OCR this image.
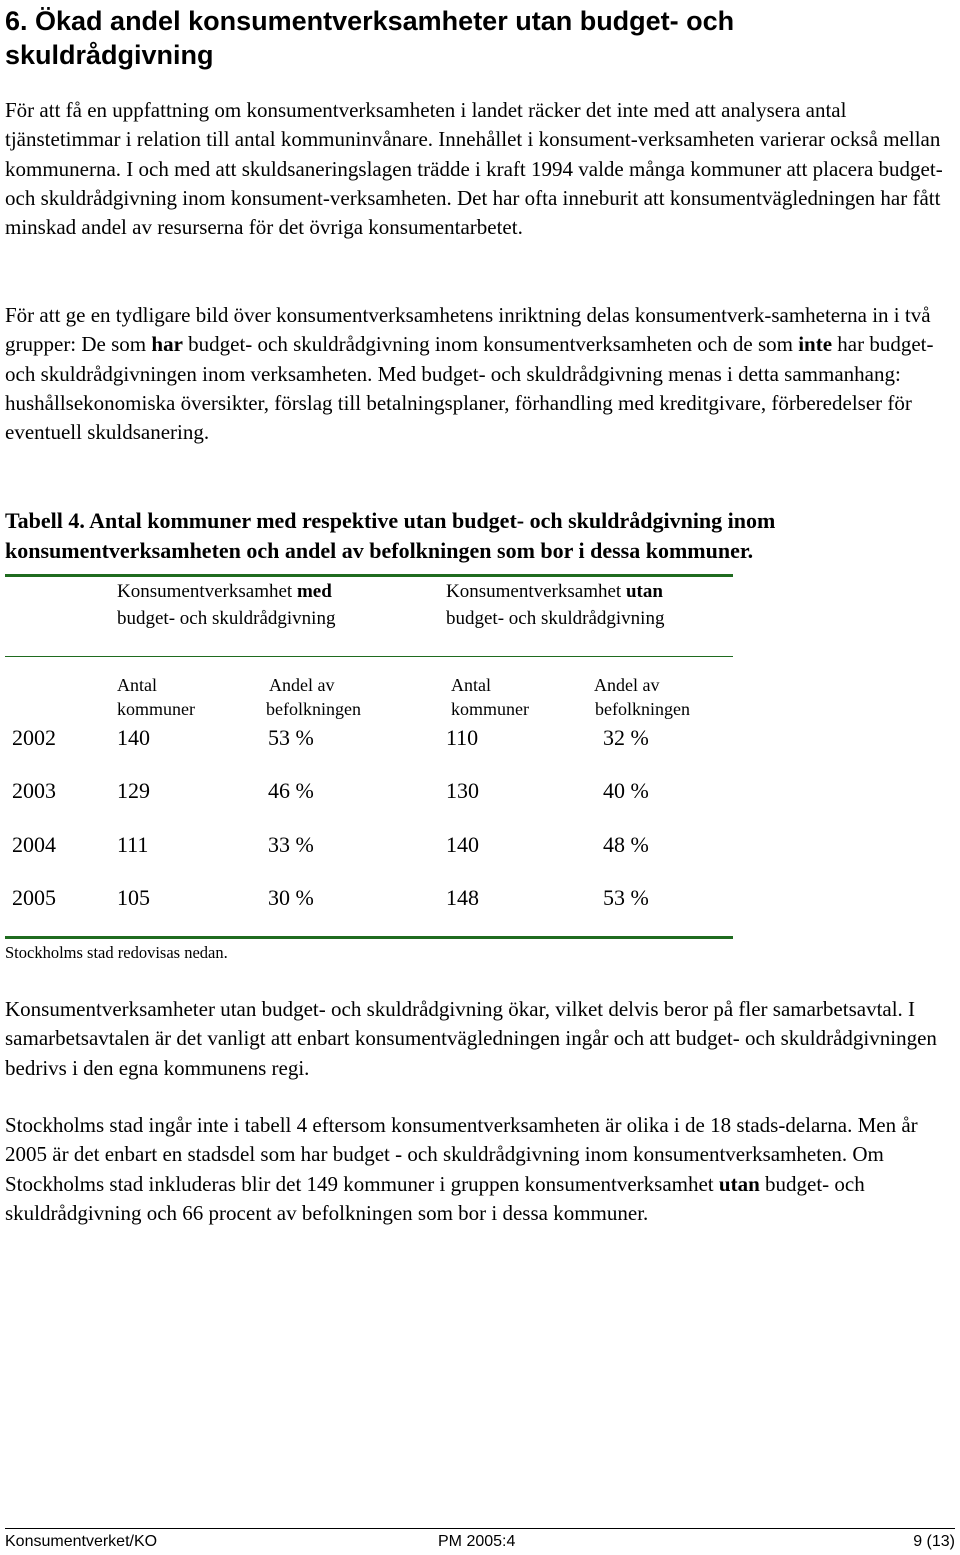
6. Ökad andel konsumentverksamheter utan budget- och skuldrådgivning

För att få en uppfattning om konsumentverksamheten i landet räcker det inte med att analysera antal tjänstetimmar i relation till antal kommuninvånare. Innehållet i konsument-verksamheten varierar också mellan kommunerna. I och med att skuldsaneringslagen trädde i kraft 1994 valde många kommuner att placera budget- och skuldrådgivning inom konsument-verksamheten. Det har ofta inneburit att konsumentvägledningen har fått minskad andel av resurserna för det övriga konsumentarbetet.

För att ge en tydligare bild över konsumentverksamhetens inriktning delas konsumentverk-samheterna in i två grupper: De som har budget- och skuldrådgivning inom konsumentverksamheten och de som inte har budget-och skuldrådgivningen inom verksamheten. Med budget- och skuldrådgivning menas i detta sammanhang: hushållsekonomiska översikter, förslag till betalningsplaner, förhandling med kreditgivare, förberedelser för eventuell skuldsanering.

Tabell 4. Antal kommuner med respektive utan budget- och skuldrådgivning inom konsumentverksamheten och andel av befolkningen som bor i dessa kommuner.

Konsumentverksamhet med
budget- och skuldrådgivning
Konsumentverksamhet utan
budget- och skuldrådgivning
Antal
kommuner
Andel av
befolkningen
Antal
kommuner
Andel av
befolkningen
2002	140	53 %	110	32 %
2003	129	46 %	130	40 %
2004	111	33 %	140	48 %
2005	105	30 %	148	53 %
Stockholms stad redovisas nedan.

Konsumentverksamheter utan budget- och skuldrådgivning ökar, vilket delvis beror på fler samarbetsavtal. I samarbetsavtalen är det vanligt att enbart konsumentvägledningen ingår och att budget- och skuldrådgivningen bedrivs i den egna kommunens regi.

Stockholms stad ingår inte i tabell 4 eftersom konsumentverksamheten är olika i de 18 stads-delarna. Men år 2005 är det enbart en stadsdel som har budget - och skuldrådgivning inom konsumentverksamheten. Om Stockholms stad inkluderas blir det 149 kommuner i gruppen konsumentverksamhet utan budget- och skuldrådgivning och 66 procent av befolkningen som bor i dessa kommuner.

Konsumentverket/KO	PM 2005:4	9 (13)
